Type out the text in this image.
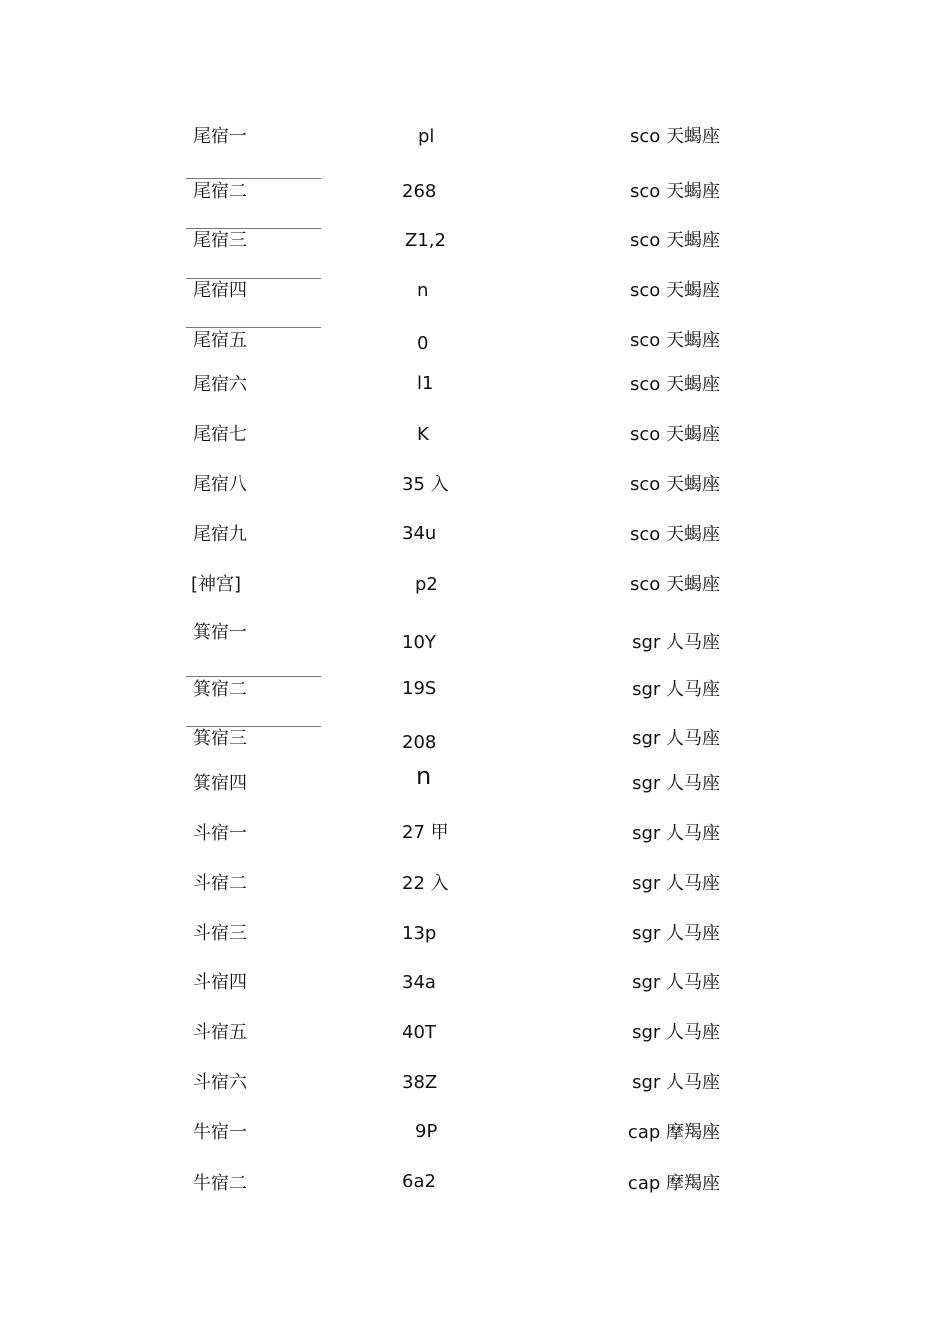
尾宿一	pl	sco 天蝎座
尾宿二	268	sco 天蝎座
尾宿三	Z1,2	sco 天蝎座
尾宿四	n	sco 天蝎座
尾宿五	0	sco 天蝎座
尾宿六	l1	sco 天蝎座
尾宿七	K	sco 天蝎座
尾宿八	35 入	sco 天蝎座
尾宿九	34u	sco 天蝎座
[神宫]	p2	sco 天蝎座
箕宿一	10Y	sgr 人马座
箕宿二	19S	sgr 人马座
箕宿三	208	sgr 人马座
箕宿四	n	sgr 人马座
斗宿一	27 甲	sgr 人马座
斗宿二	22 入	sgr 人马座
斗宿三	13p	sgr 人马座
斗宿四	34a	sgr 人马座
斗宿五	40T	sgr 人马座
斗宿六	38Z	sgr 人马座
牛宿一	9P	cap 摩羯座
牛宿二	6a2	cap 摩羯座
